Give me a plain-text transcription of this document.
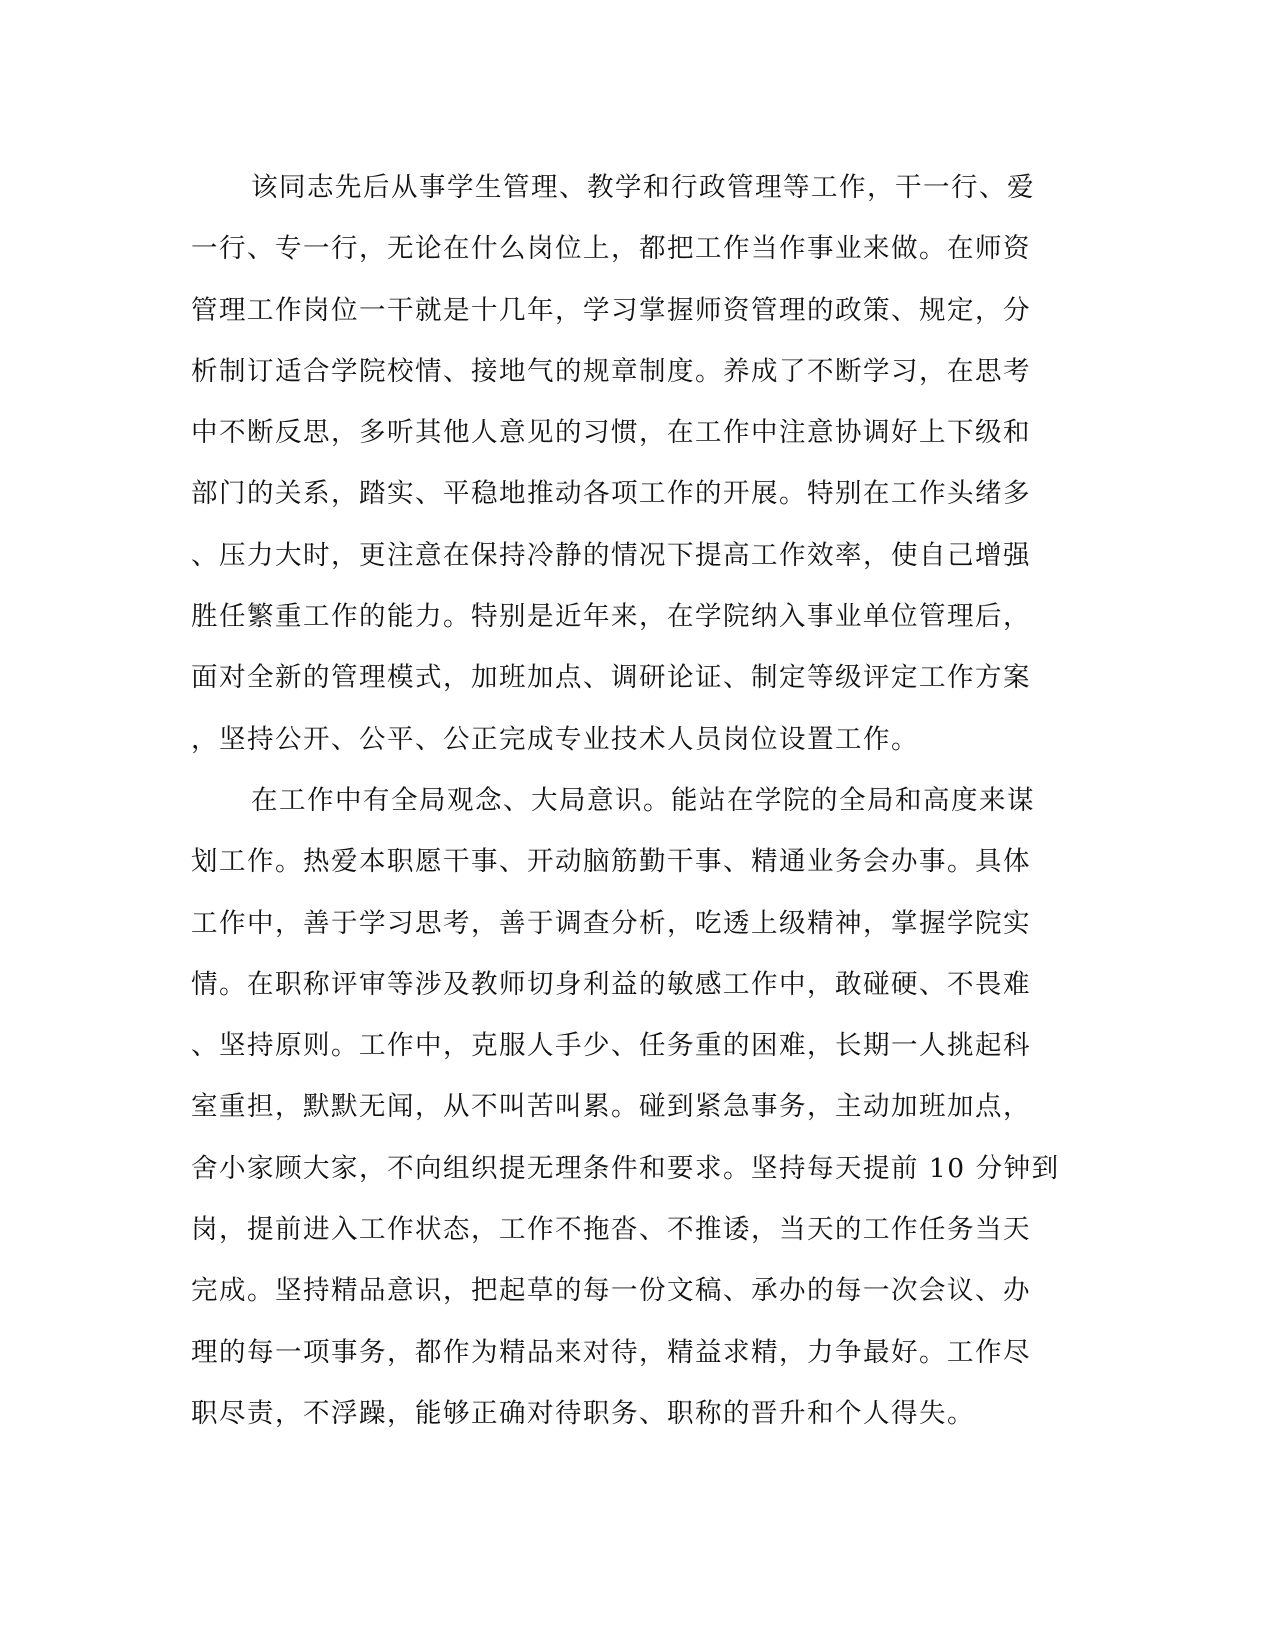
该同志先后从事学生管理、教学和行政管理等工作，干一行、爱
一行、专一行，无论在什么岗位上，都把工作当作事业来做。在师资
管理工作岗位一干就是十几年，学习掌握师资管理的政策、规定，分
析制订适合学院校情、接地气的规章制度。养成了不断学习，在思考
中不断反思，多听其他人意见的习惯，在工作中注意协调好上下级和
部门的关系，踏实、平稳地推动各项工作的开展。特别在工作头绪多
、压力大时，更注意在保持冷静的情况下提高工作效率，使自己增强
胜任繁重工作的能力。特别是近年来，在学院纳入事业单位管理后，
面对全新的管理模式，加班加点、调研论证、制定等级评定工作方案
，坚持公开、公平、公正完成专业技术人员岗位设置工作。
在工作中有全局观念、大局意识。能站在学院的全局和高度来谋
划工作。热爱本职愿干事、开动脑筋勤干事、精通业务会办事。具体
工作中，善于学习思考，善于调查分析，吃透上级精神，掌握学院实
情。在职称评审等涉及教师切身利益的敏感工作中，敢碰硬、不畏难
、坚持原则。工作中，克服人手少、任务重的困难，长期一人挑起科
室重担，默默无闻，从不叫苦叫累。碰到紧急事务，主动加班加点，
舍小家顾大家，不向组织提无理条件和要求。坚持每天提前 10 分钟到
岗，提前进入工作状态，工作不拖沓、不推诿，当天的工作任务当天
完成。坚持精品意识，把起草的每一份文稿、承办的每一次会议、办
理的每一项事务，都作为精品来对待，精益求精，力争最好。工作尽
职尽责，不浮躁，能够正确对待职务、职称的晋升和个人得失。
